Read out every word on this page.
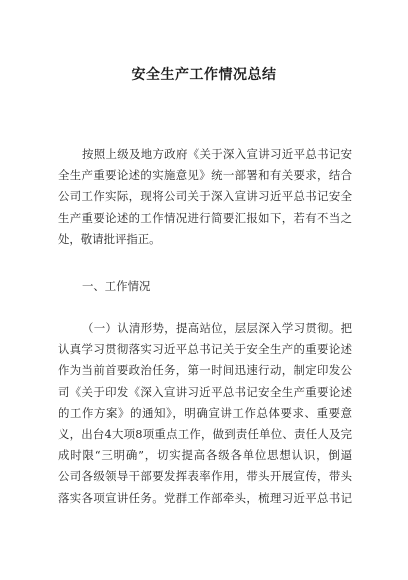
安全生产工作情况总结
按照上级及地方政府《关于深入宣讲习近平总书记安
全生产重要论述的实施意见》统一部署和有关要求，结合
公司工作实际，现将公司关于深入宣讲习近平总书记安全
生产重要论述的工作情况进行简要汇报如下，若有不当之
处，敬请批评指正。
一、工作情况
（一）认清形势，提高站位，层层深入学习贯彻。把
认真学习贯彻落实习近平总书记关于安全生产的重要论述
作为当前首要政治任务，第一时间迅速行动，制定印发公
司《关于印发《深入宣讲习近平总书记安全生产重要论述
的工作方案》的通知》，明确宣讲工作总体要求、重要意
义，出台4大项8项重点工作，做到责任单位、责任人及完
成时限“三明确”，切实提高各级各单位思想认识，倒逼
公司各级领导干部要发挥表率作用，带头开展宣传，带头
落实各项宣讲任务。党群工作部牵头，梳理习近平总书记
